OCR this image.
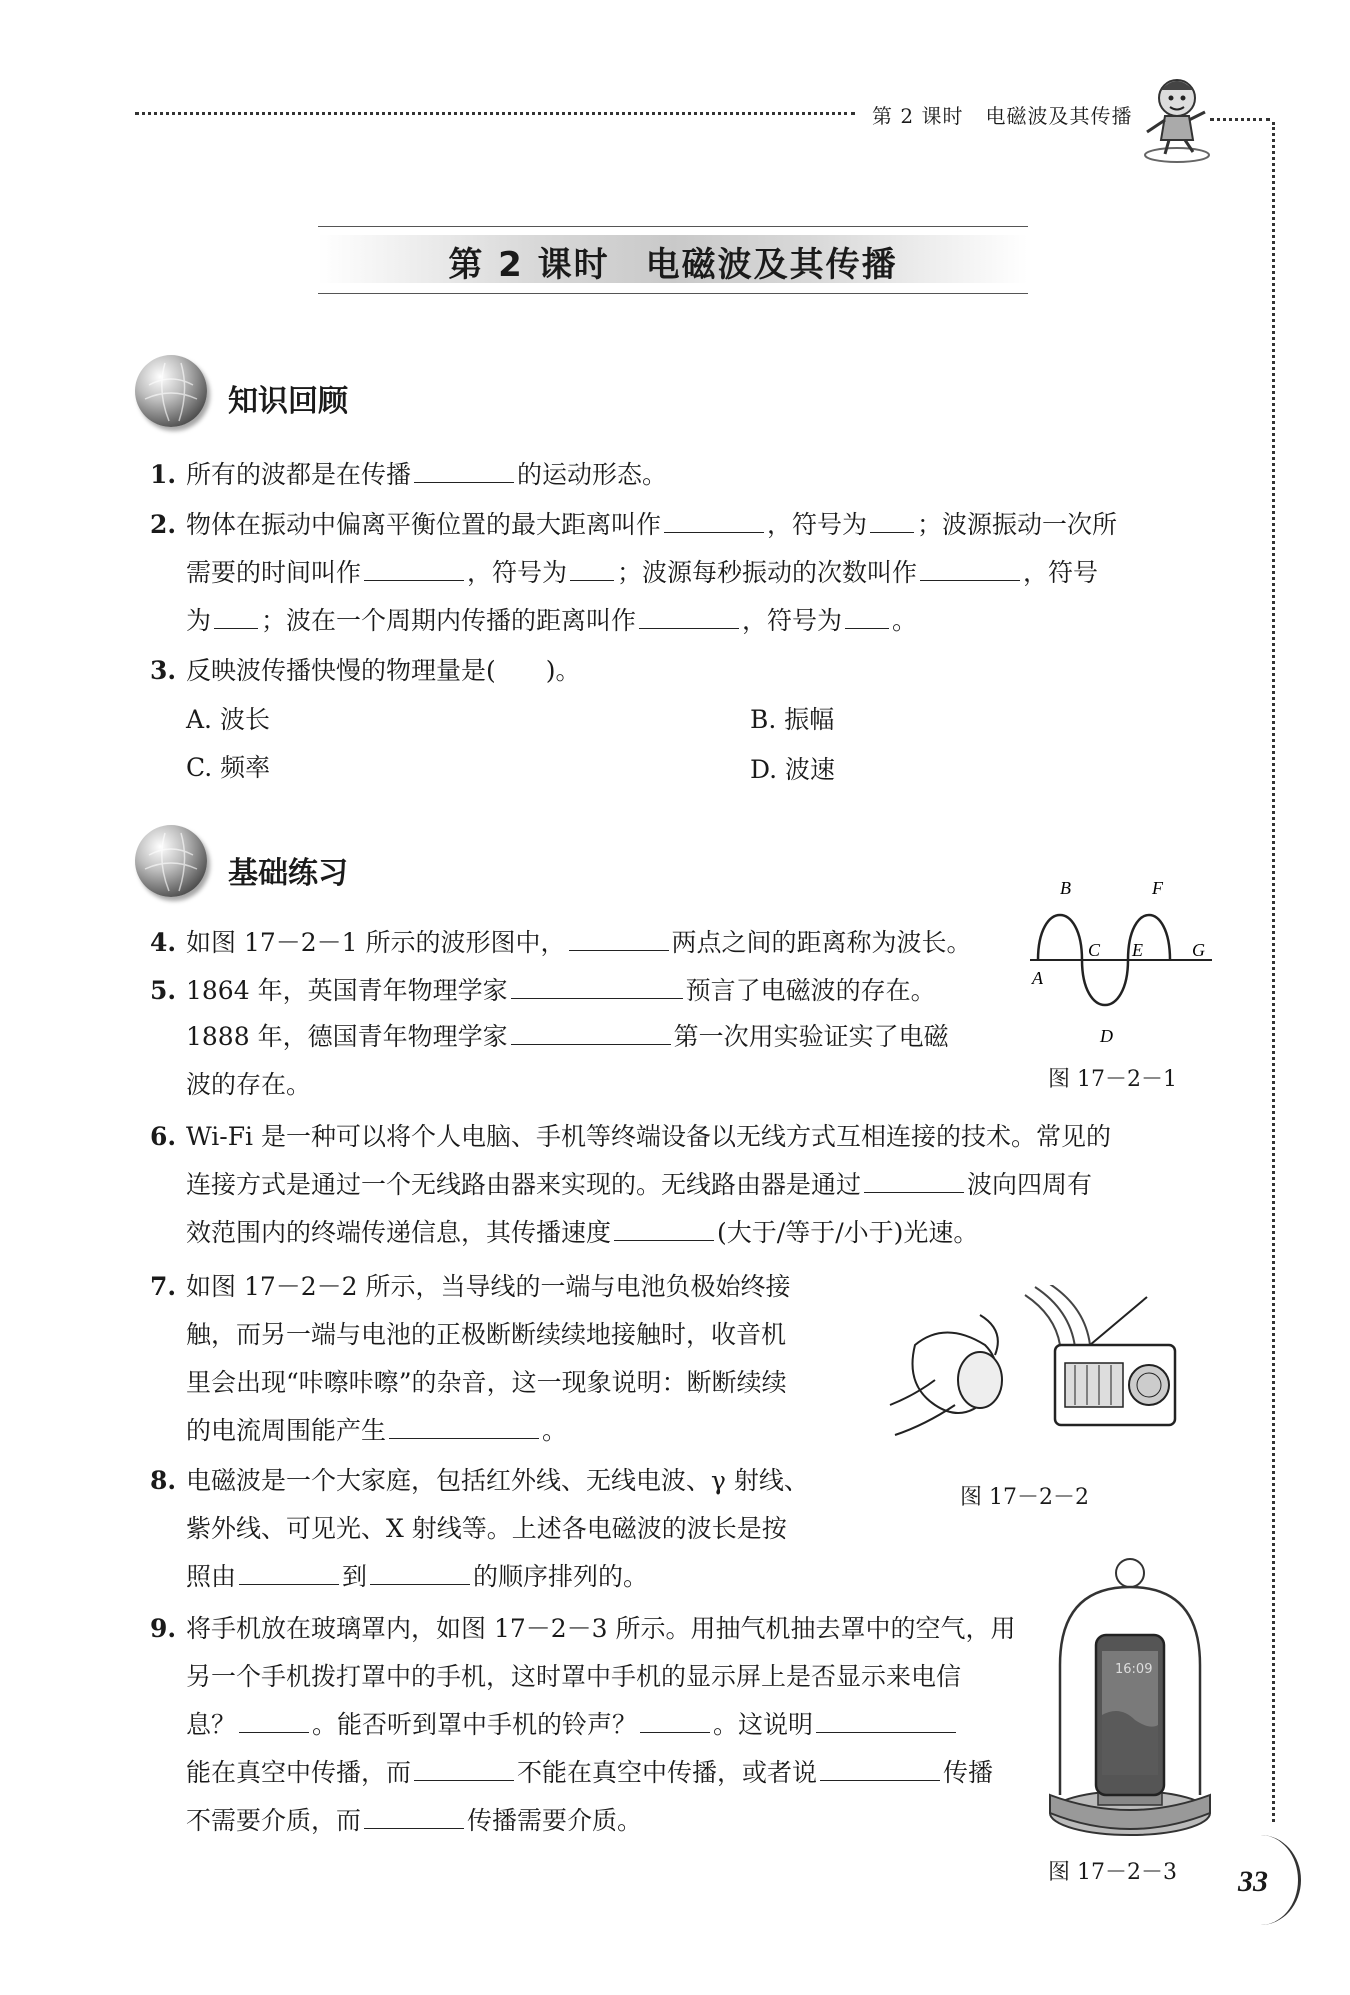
第 2 课时 电磁波及其传播
第 2 课时　电磁波及其传播
知识回顾
1. 所有的波都是在传播	的运动形态。
2. 物体在振动中偏离平衡位置的最大距离叫作	，符号为 ；波源振动一次所
需要的时间叫作	，符号为 ；波源每秒振动的次数叫作	，符号
为 ；波在一个周期内传播的距离叫作	，符号为 。
3. 反映波传播快慢的物理量是(　　)。
A. 波长	B. 振幅
C. 频率	D. 波速
基础练习	B
A
C
D
E
F
G
图 17－2－1
4. 如图 17－2－1 所示的波形图中，	两点之间的距离称为波长。
5. 1864 年，英国青年物理学家	预言了电磁波的存在。
1888 年，德国青年物理学家	第一次用实验证实了电磁
波的存在。
6. Wi-Fi 是一种可以将个人电脑、手机等终端设备以无线方式互相连接的技术。常见的
连接方式是通过一个无线路由器来实现的。无线路由器是通过	波向四周有
效范围内的终端传递信息，其传播速度	(大于/等于/小于)光速。
图 17－2－2
7. 如图 17－2－2 所示，当导线的一端与电池负极始终接
触，而另一端与电池的正极断断续续地接触时，收音机
里会出现“咔嚓咔嚓”的杂音，这一现象说明：断断续续
的电流周围能产生	。
8. 电磁波是一个大家庭，包括红外线、无线电波、γ 射线、
紫外线、可见光、X 射线等。上述各电磁波的波长是按
照由	到	的顺序排列的。
16:09
图 17－2－3
9. 将手机放在玻璃罩内，如图 17－2－3 所示。用抽气机抽去罩中的空气，用
另一个手机拨打罩中的手机，这时罩中手机的显示屏上是否显示来电信
息？	。能否听到罩中手机的铃声？	。这说明
能在真空中传播，而	不能在真空中传播，或者说	传播
不需要介质，而	传播需要介质。
33
